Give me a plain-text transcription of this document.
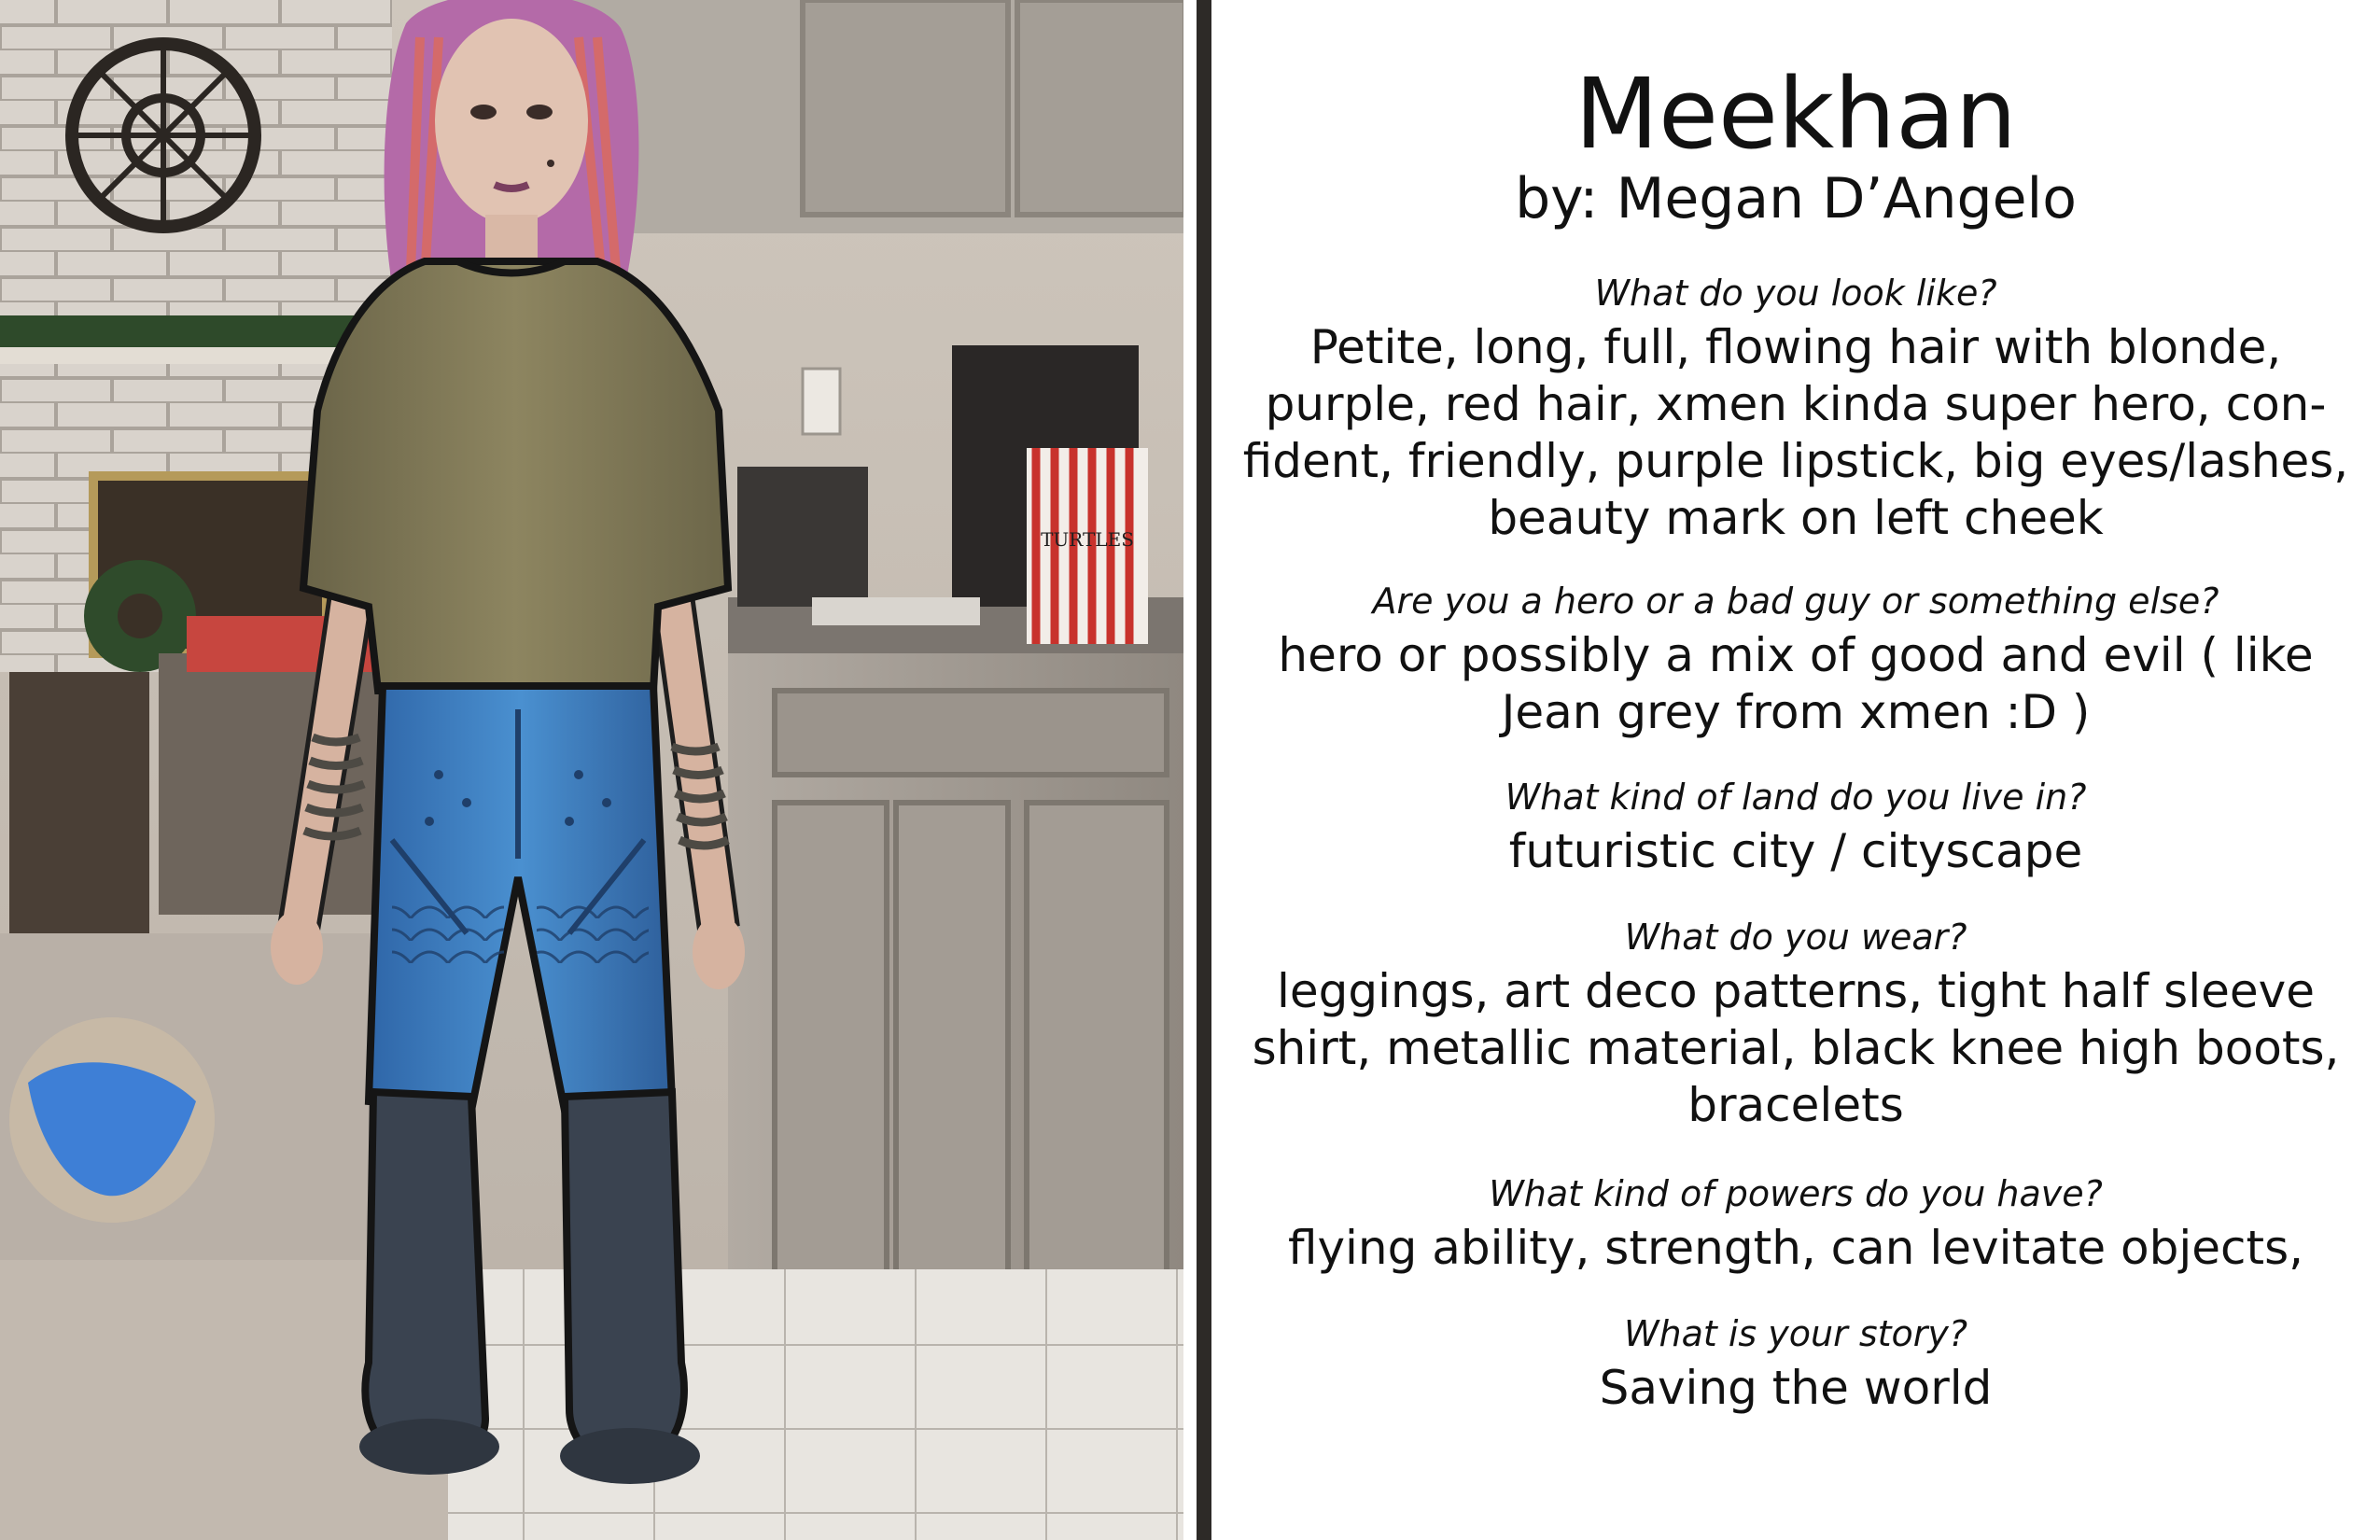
TURTLES
Meekhan
by: Megan D’Angelo
What do you look like?
Petite, long, full, flowing hair with blonde, purple, red hair, xmen kinda super hero, con-fident, friendly, purple lipstick, big eyes/lashes, beauty mark on left cheek
Are you a hero or a bad guy or something else?
hero or possibly a mix of good and evil ( like Jean grey from xmen :D )
What kind of land do you live in?
futuristic city / cityscape
What do you wear?
leggings, art deco patterns, tight half sleeve shirt, metallic material, black knee high boots, bracelets
What kind of powers do you have?
flying ability, strength, can levitate objects,
What is your story?
Saving the world
